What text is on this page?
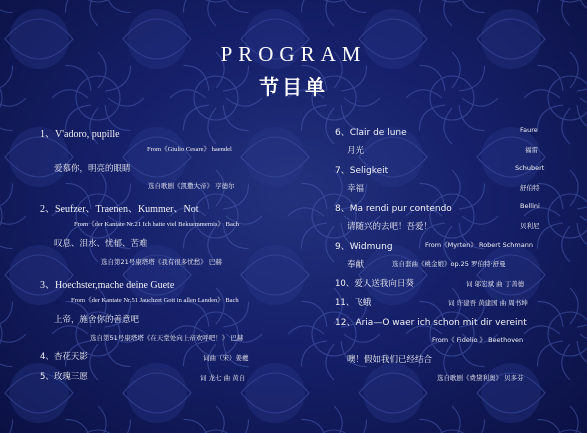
PROGRAM
节目单
1、V'adoro, pupille
From《Giulio Cesare》 haendel
爱慕你，明亮的眼睛
选自歌剧《凯撒大帝》 亨德尔
2、Seufzer、Traenen、Kummer、Not
From《der Kantate Nr.21 Ich hatte viel Bekuemmernis》 Bach
叹息、泪水、忧郁、苦难
选自第21号康塔塔《我有很多忧愁》 巴赫
3、Hoechster,mache deine Guete
From《der Kantate Nr.51 Jauchzet Gott in allen Landen》 Bach
上帝，施舍你的善意吧
选自第51号康塔塔《在天堂处向上帝欢呼吧！》 巴赫
4、杏花天影	词曲（宋）姜夔
5、玫瑰三愿	词 龙七 曲 黄自
6、Clair de lune	Faure
月光	福雷
7、Seligkeit	Schubert
幸福	舒伯特
8、Ma rendi pur contendo	Bellini
请随兴的去吧！吾爱！	贝利尼
9、Widmung	From《Myrten》 Robert Schmann
奉献	选自套曲《桃金娘》op.25 罗伯特·舒曼
10、爱人送我向日葵	词 邬宏斌 曲 丁善德
11、飞蛾	词 许建吾 黄建国 曲 周书坤
12、Aria—O waer ich schon mit dir vereint
From《 Fidelio 》 Beethoven
噢！假如我们已经结合
选自歌剧《费黛利奥》 贝多芬
